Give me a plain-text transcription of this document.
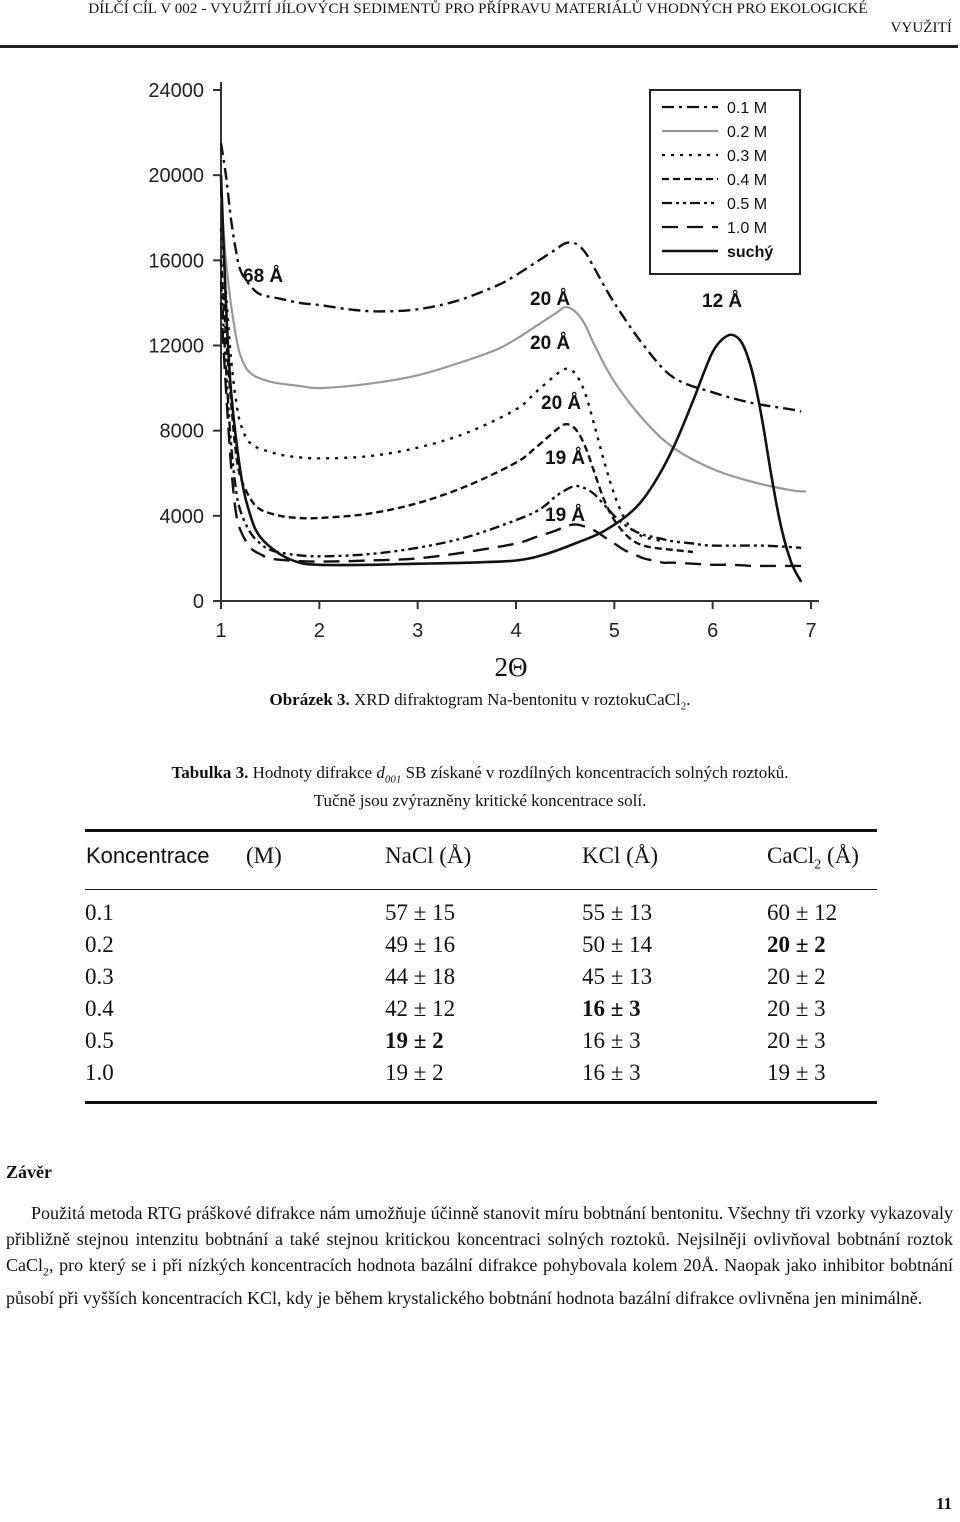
DÍLČÍ CÍL V 002 - VYUŽITÍ JÍLOVÝCH SEDIMENTŮ PRO PŘÍPRAVU MATERIÁLŮ VHODNÝCH PRO EKOLOGICKÉ
VYUŽITÍ
0
4000
8000
12000
16000
20000
24000
1	2	3	4	5	6	7
2Θ
68 Å
20 Å
20 Å
20 Å
19 Å
19 Å
12 Å
0.1 M
0.2 M
0.3 M
0.4 M
0.5 M
1.0 M
suchý
Obrázek 3. XRD difraktogram Na-bentonitu v roztokuCaCl$_2$.
Tabulka 3. Hodnoty difrakce $d_{001}$ SB získané v rozdílných koncentracích solných roztoků.
Tučně jsou zvýrazněny kritické koncentrace solí.
Koncentrace (M)	NaCl (Å)	KCl (Å)	CaCl$_2$ (Å)
0.1	57 ± 15	55 ± 13	60 ± 12
0.2	49 ± 16	50 ± 14	20 ± 2
0.3	44 ± 18	45 ± 13	20 ± 2
0.4	42 ± 12	16 ± 3	20 ± 3
0.5	19 ± 2	16 ± 3	20 ± 3
1.0	19 ± 2	16 ± 3	19 ± 3
Závěr

Použitá metoda RTG práškové difrakce nám umožňuje účinně stanovit míru bobtnání bentonitu. Všechny tři vzorky vykazovaly přibližně stejnou intenzitu bobtnání a také stejnou kritickou koncentraci solných roztoků. Nejsilněji ovlivňoval bobtnání roztok CaCl$_2$, pro který se i při nízkých koncentracích hodnota bazální difrakce pohybovala kolem 20Å. Naopak jako inhibitor bobtnání působí při vyšších koncentracích KCl, kdy je během krystalického bobtnání hodnota bazální difrakce ovlivněna jen minimálně.

11
